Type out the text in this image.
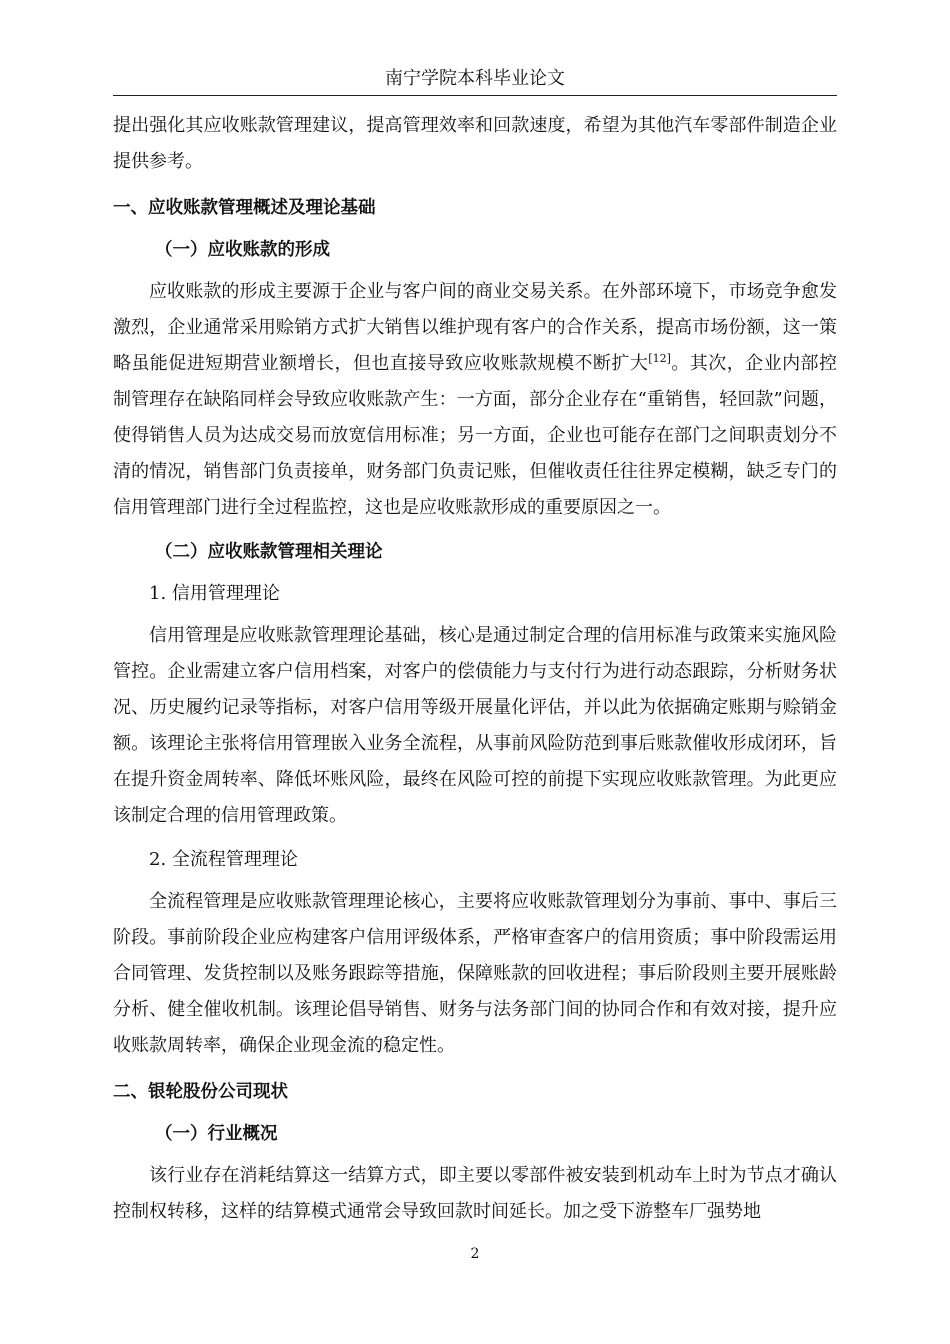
南宁学院本科毕业论文

提出强化其应收账款管理建议，提高管理效率和回款速度，希望为其他汽车零部件制造企业提供参考。

一、应收账款管理概述及理论基础

（一）应收账款的形成

应收账款的形成主要源于企业与客户间的商业交易关系。在外部环境下，市场竞争愈发激烈，企业通常采用赊销方式扩大销售以维护现有客户的合作关系，提高市场份额，这一策略虽能促进短期营业额增长，但也直接导致应收账款规模不断扩大[12]。其次，企业内部控制管理存在缺陷同样会导致应收账款产生：一方面，部分企业存在“重销售，轻回款”问题，使得销售人员为达成交易而放宽信用标准；另一方面，企业也可能存在部门之间职责划分不清的情况，销售部门负责接单，财务部门负责记账，但催收责任往往界定模糊，缺乏专门的信用管理部门进行全过程监控，这也是应收账款形成的重要原因之一。

（二）应收账款管理相关理论

1. 信用管理理论

信用管理是应收账款管理理论基础，核心是通过制定合理的信用标准与政策来实施风险管控。企业需建立客户信用档案，对客户的偿债能力与支付行为进行动态跟踪，分析财务状况、历史履约记录等指标，对客户信用等级开展量化评估，并以此为依据确定账期与赊销金额。该理论主张将信用管理嵌入业务全流程，从事前风险防范到事后账款催收形成闭环，旨在提升资金周转率、降低坏账风险，最终在风险可控的前提下实现应收账款管理。为此更应该制定合理的信用管理政策。

2. 全流程管理理论

全流程管理是应收账款管理理论核心，主要将应收账款管理划分为事前、事中、事后三阶段。事前阶段企业应构建客户信用评级体系，严格审查客户的信用资质；事中阶段需运用合同管理、发货控制以及账务跟踪等措施，保障账款的回收进程；事后阶段则主要开展账龄分析、健全催收机制。该理论倡导销售、财务与法务部门间的协同合作和有效对接，提升应收账款周转率，确保企业现金流的稳定性。

二、银轮股份公司现状

（一）行业概况

该行业存在消耗结算这一结算方式，即主要以零部件被安装到机动车上时为节点才确认控制权转移，这样的结算模式通常会导致回款时间延长。加之受下游整车厂强势地

2
